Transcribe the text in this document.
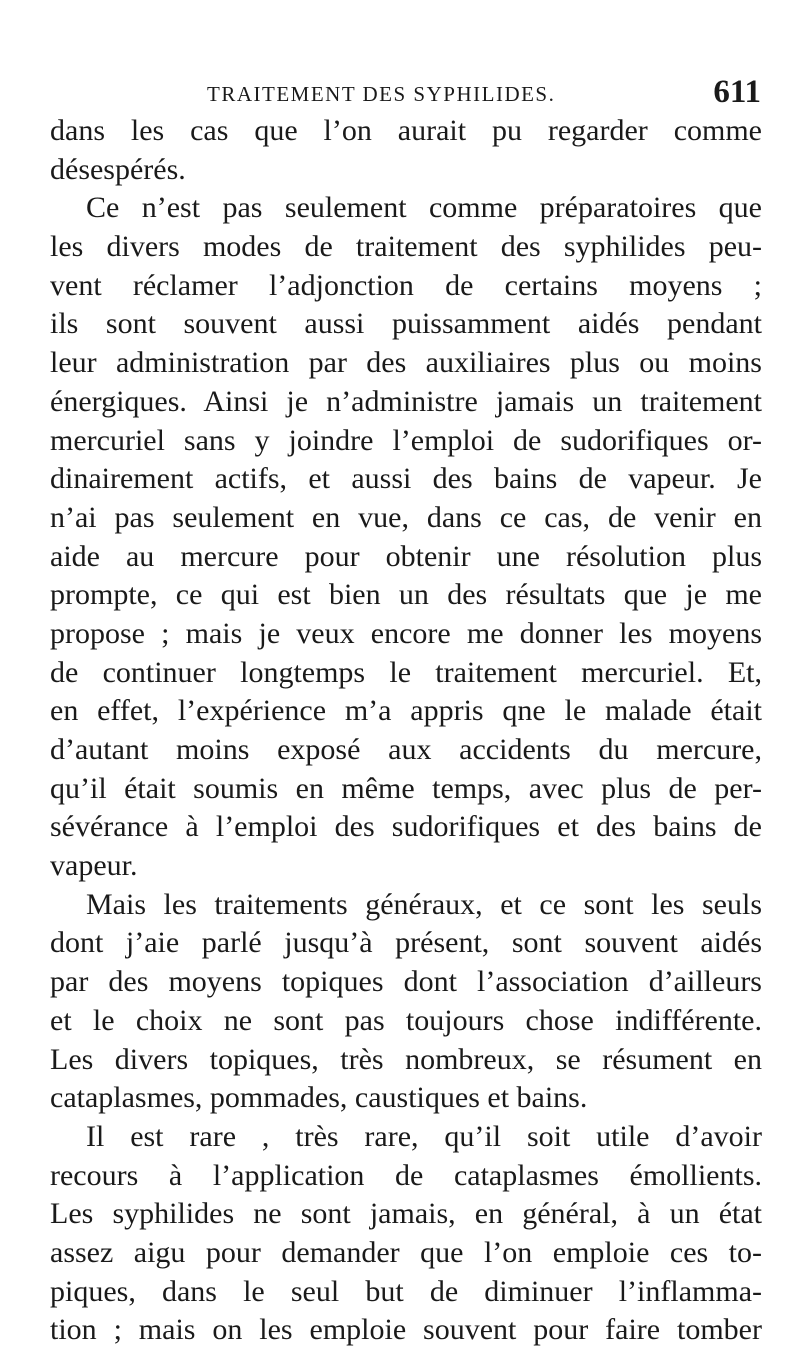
TRAITEMENT DES SYPHILIDES.	611
dans les cas que l’on aurait pu regarder comme
désespérés.
Ce n’est pas seulement comme préparatoires que
les divers modes de traitement des syphilides peu-
vent réclamer l’adjonction de certains moyens ;
ils sont souvent aussi puissamment aidés pendant
leur administration par des auxiliaires plus ou moins
énergiques. Ainsi je n’administre jamais un traitement
mercuriel sans y joindre l’emploi de sudorifiques or-
dinairement actifs, et aussi des bains de vapeur. Je
n’ai pas seulement en vue, dans ce cas, de venir en
aide au mercure pour obtenir une résolution plus
prompte, ce qui est bien un des résultats que je me
propose ; mais je veux encore me donner les moyens
de continuer longtemps le traitement mercuriel. Et,
en effet, l’expérience m’a appris qne le malade était
d’autant moins exposé aux accidents du mercure,
qu’il était soumis en même temps, avec plus de per-
sévérance à l’emploi des sudorifiques et des bains de
vapeur.
Mais les traitements généraux, et ce sont les seuls
dont j’aie parlé jusqu’à présent, sont souvent aidés
par des moyens topiques dont l’association d’ailleurs
et le choix ne sont pas toujours chose indifférente.
Les divers topiques, très nombreux, se résument en
cataplasmes, pommades, caustiques et bains.
Il est rare , très rare, qu’il soit utile d’avoir
recours à l’application de cataplasmes émollients.
Les syphilides ne sont jamais, en général, à un état
assez aigu pour demander que l’on emploie ces to-
piques, dans le seul but de diminuer l’inflamma-
tion ; mais on les emploie souvent pour faire tomber
